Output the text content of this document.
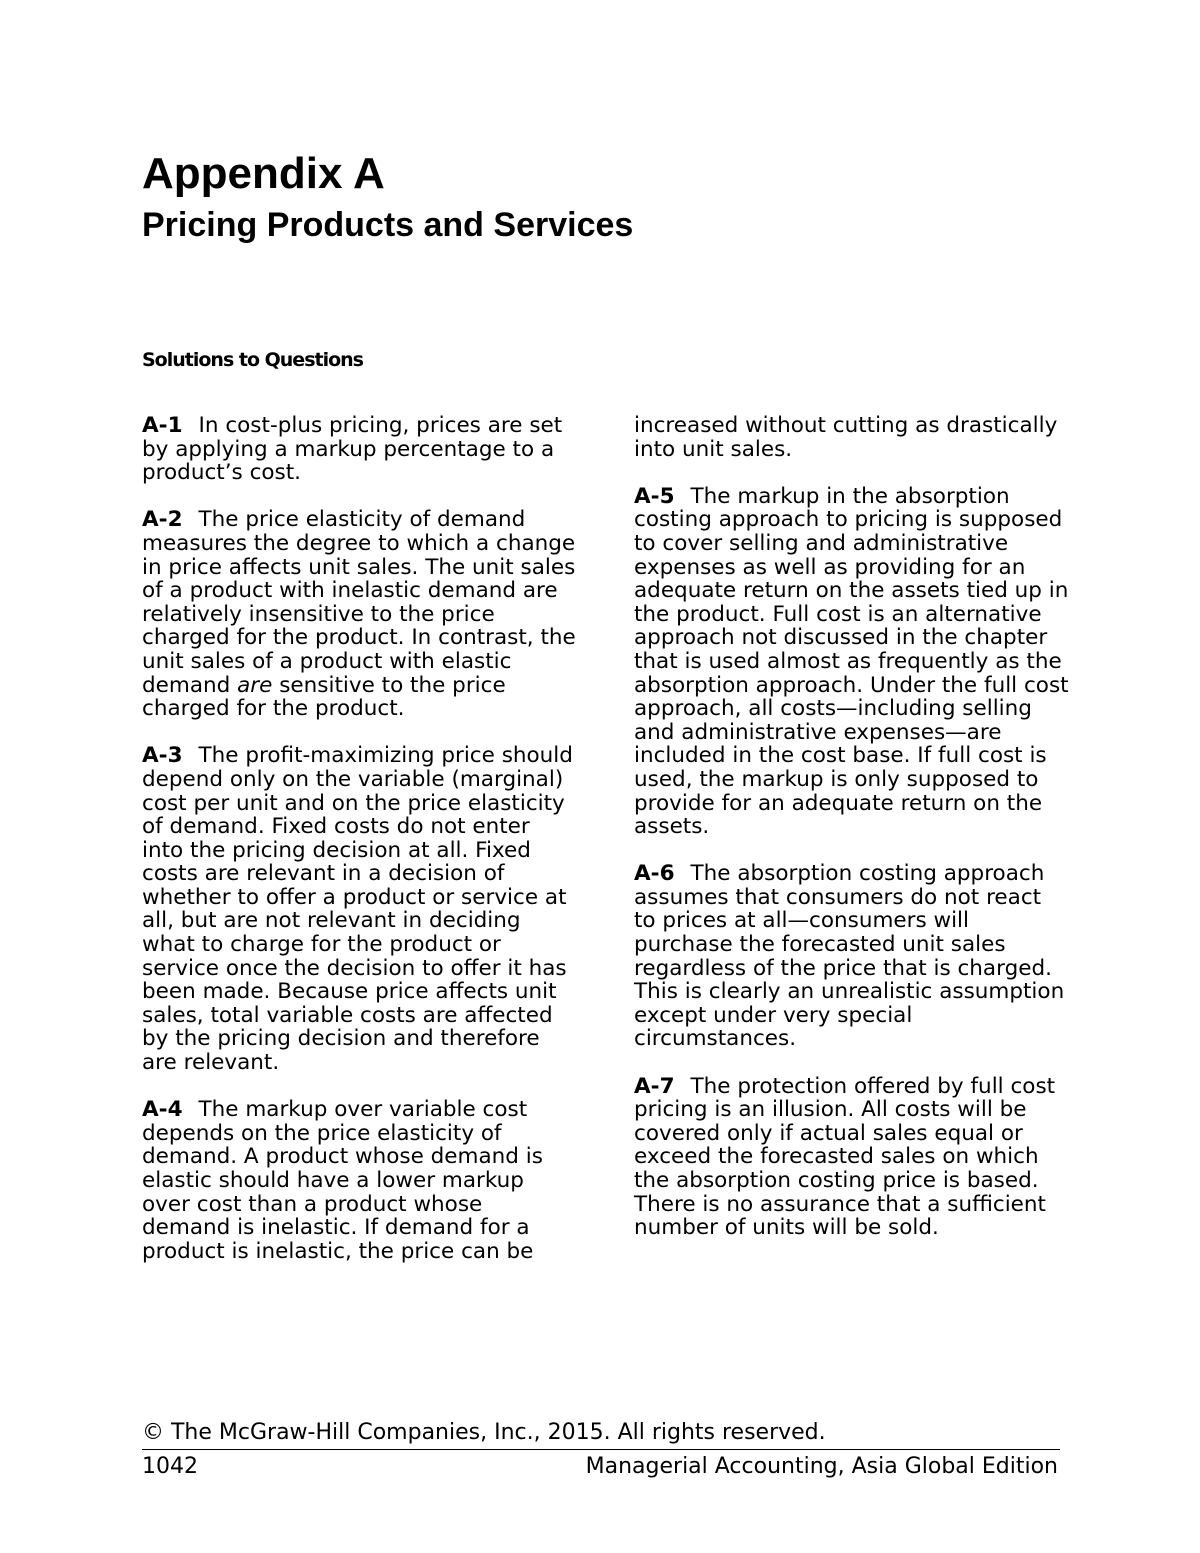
Appendix A
Pricing Products and Services
Solutions to Questions

A-1 In cost-plus pricing, prices are set by applying a markup percentage to a product’s cost.

A-2 The price elasticity of demand measures the degree to which a change in price affects unit sales. The unit sales of a product with inelastic demand are relatively insensitive to the price charged for the product. In contrast, the unit sales of a product with elastic demand are sensitive to the price charged for the product.

A-3 The profit-maximizing price should depend only on the variable (marginal) cost per unit and on the price elasticity of demand. Fixed costs do not enter into the pricing decision at all. Fixed costs are relevant in a decision of whether to offer a product or service at all, but are not relevant in deciding what to charge for the product or service once the decision to offer it has been made. Because price affects unit sales, total variable costs are affected by the pricing decision and therefore are relevant.

A-4 The markup over variable cost depends on the price elasticity of demand. A product whose demand is elastic should have a lower markup over cost than a product whose demand is inelastic. If demand for a product is inelastic, the price can be

increased without cutting as drastically into unit sales.

A-5 The markup in the absorption costing approach to pricing is supposed to cover selling and administrative expenses as well as providing for an adequate return on the assets tied up in the product. Full cost is an alternative approach not discussed in the chapter that is used almost as frequently as the absorption approach. Under the full cost approach, all costs—including selling and administrative expenses—are included in the cost base. If full cost is used, the markup is only supposed to provide for an adequate return on the assets.

A-6 The absorption costing approach assumes that consumers do not react to prices at all—consumers will purchase the forecasted unit sales regardless of the price that is charged. This is clearly an unrealistic assumption except under very special circumstances.

A-7 The protection offered by full cost pricing is an illusion. All costs will be covered only if actual sales equal or exceed the forecasted sales on which the absorption costing price is based. There is no assurance that a sufficient number of units will be sold.

© The McGraw-Hill Companies, Inc., 2015. All rights reserved.

1042	Managerial Accounting, Asia Global Edition
